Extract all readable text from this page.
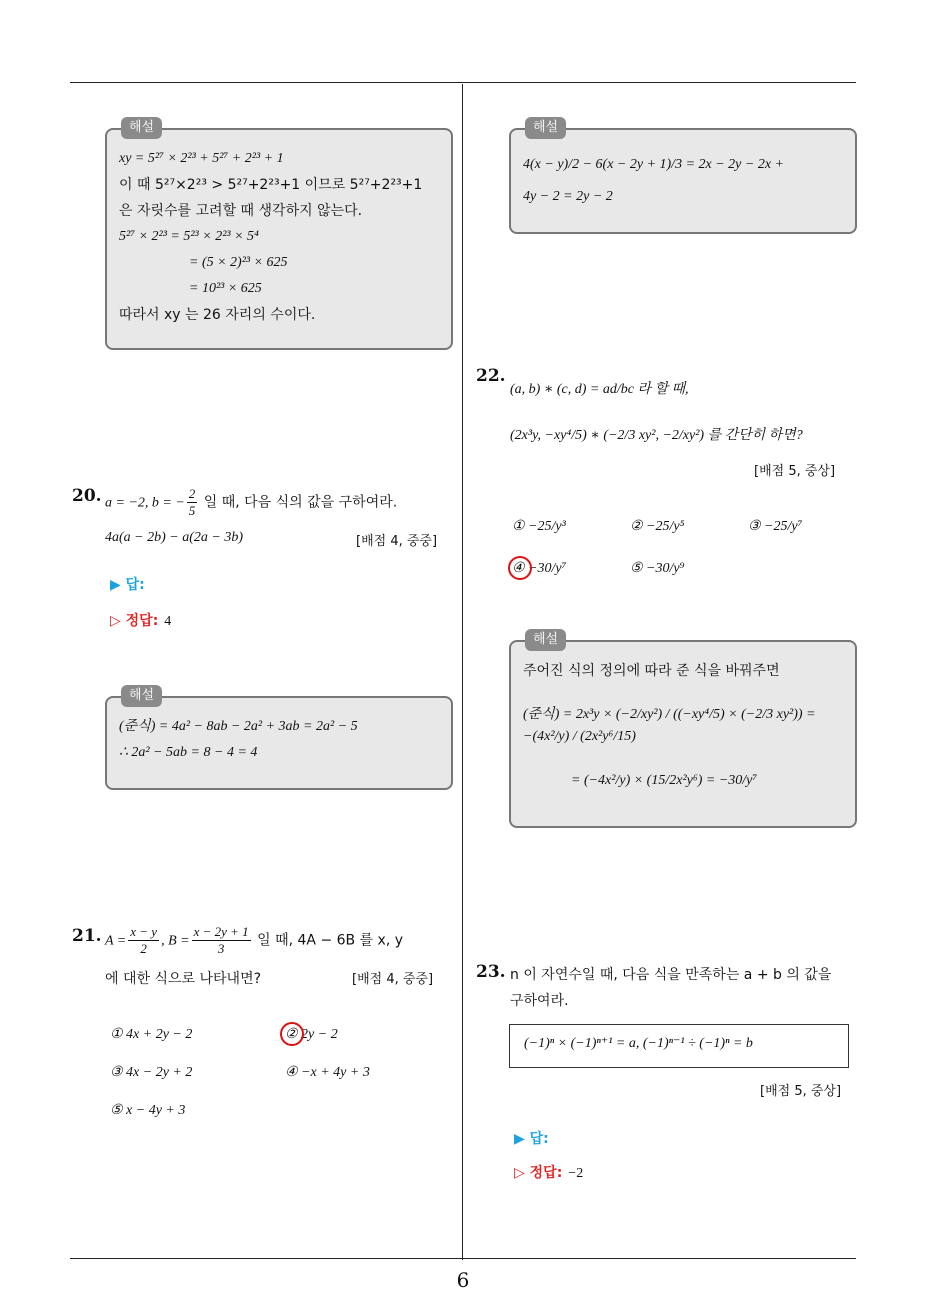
6
해설
xy = 5²⁷ × 2²³ + 5²⁷ + 2²³ + 1
이 때 5²⁷×2²³ > 5²⁷+2²³+1 이므로 5²⁷+2²³+1
은 자릿수를 고려할 때 생각하지 않는다.
5²⁷ × 2²³ = 5²³ × 2²³ × 5⁴
= (5 × 2)²³ × 625
= 10²³ × 625
따라서 xy 는 26 자리의 수이다.
20. a = −2, b = − $\frac{2}{5}$ 일 때, 다음 식의 값을 구하여라.
4a(a − 2b) − a(2a − 3b)	[배점 4, 중중]
▶ 답:
▷ 정답: 4
해설
(준식) = 4a² − 8ab − 2a² + 3ab = 2a² − 5
∴ 2a² − 5ab = 8 − 4 = 4
21. $A = \frac{x - y}{2}$ , $B = \frac{x - 2y + 1}{3}$ 일 때, 4A − 6B 를 x, y
에 대한 식으로 나타내면?	[배점 4, 중중]
① 4x + 2y − 2	② 2y − 2
③ 4x − 2y + 2	④ −x + 4y + 3
⑤ x − 4y + 3
해설
4(x − y)/2 − 6(x − 2y + 1)/3 = 2x − 2y − 2x +
4y − 2 = 2y − 2
22.
(a, b) ∗ (c, d) = ad/bc 라 할 때,
(2x³y, −xy⁴/5) ∗ (−2/3 xy², −2/xy²) 를 간단히 하면?
[배점 5, 중상]
① −25/y³	② −25/y⁵	③ −25/y⁷
④ −30/y⁷	⑤ −30/y⁹
해설
주어진 식의 정의에 따라 준 식을 바꿔주면
(준식) = 2x³y × (−2/xy²) / ((−xy⁴/5) × (−2/3 xy²)) = −(4x²/y) / (2x²y⁶/15)
= (−4x²/y) × (15/2x²y⁶) = −30/y⁷
23. n 이 자연수일 때, 다음 식을 만족하는 a + b 의 값을
구하여라.
(−1)ⁿ × (−1)ⁿ⁺¹ = a, (−1)ⁿ⁻¹ ÷ (−1)ⁿ = b
[배점 5, 중상]
▶ 답:
▷ 정답: −2
